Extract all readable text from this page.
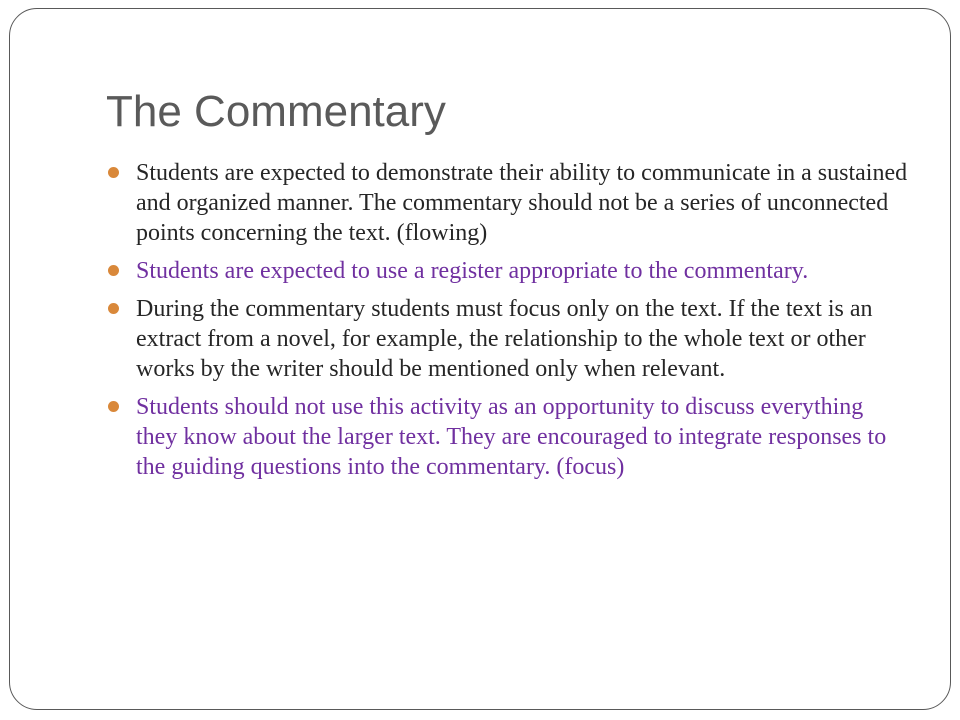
The Commentary
Students are expected to demonstrate their ability to communicate in a sustained and organized manner. The commentary should not be a series of unconnected points concerning the text. (flowing)
Students are expected to use a register appropriate to the commentary.
During the commentary students must focus only on the text. If the text is an extract from a novel, for example, the relationship to the whole text or other works by the writer should be mentioned only when relevant.
Students should not use this activity as an opportunity to discuss everything they know about the larger text. They are encouraged to integrate responses to the guiding questions into the commentary. (focus)
